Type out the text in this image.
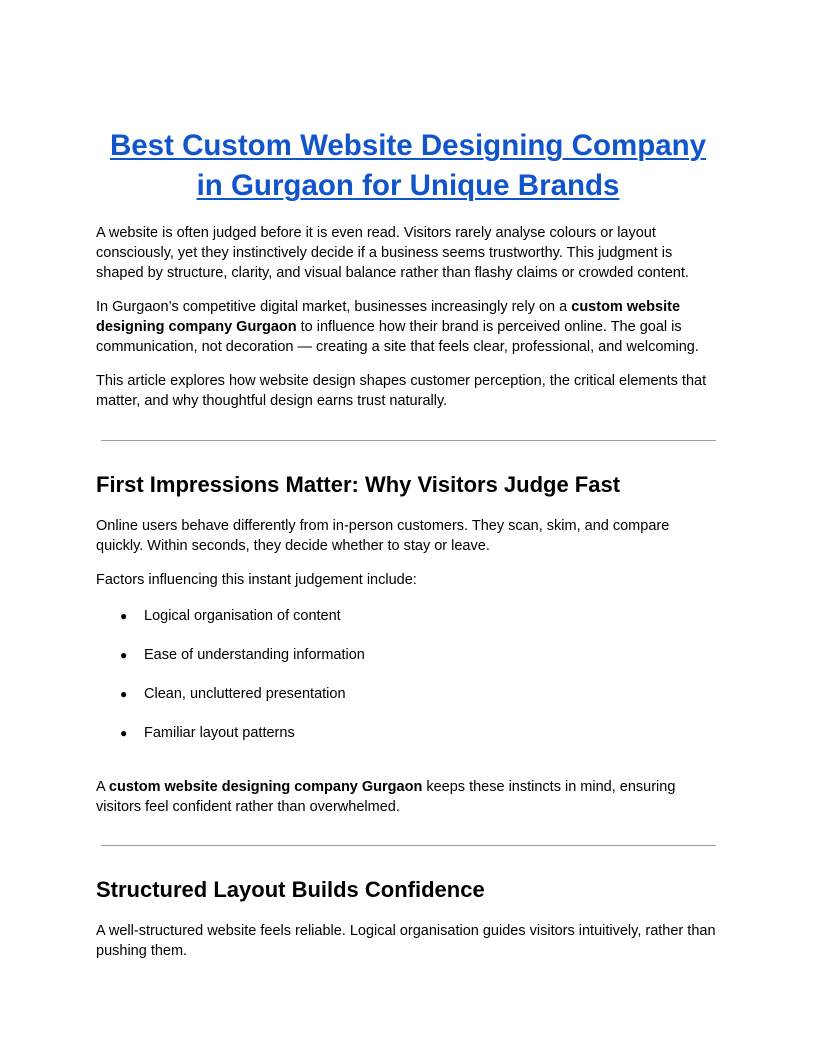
Best Custom Website Designing Company
in Gurgaon for Unique Brands

A website is often judged before it is even read. Visitors rarely analyse colours or layout consciously, yet they instinctively decide if a business seems trustworthy. This judgment is shaped by structure, clarity, and visual balance rather than flashy claims or crowded content.

In Gurgaon’s competitive digital market, businesses increasingly rely on a custom website designing company Gurgaon to influence how their brand is perceived online. The goal is communication, not decoration — creating a site that feels clear, professional, and welcoming.

This article explores how website design shapes customer perception, the critical elements that matter, and why thoughtful design earns trust naturally.

First Impressions Matter: Why Visitors Judge Fast

Online users behave differently from in-person customers. They scan, skim, and compare quickly. Within seconds, they decide whether to stay or leave.

Factors influencing this instant judgement include:

● Logical organisation of content
● Ease of understanding information
● Clean, uncluttered presentation
● Familiar layout patterns

A custom website designing company Gurgaon keeps these instincts in mind, ensuring visitors feel confident rather than overwhelmed.

Structured Layout Builds Confidence

A well-structured website feels reliable. Logical organisation guides visitors intuitively, rather than pushing them.
